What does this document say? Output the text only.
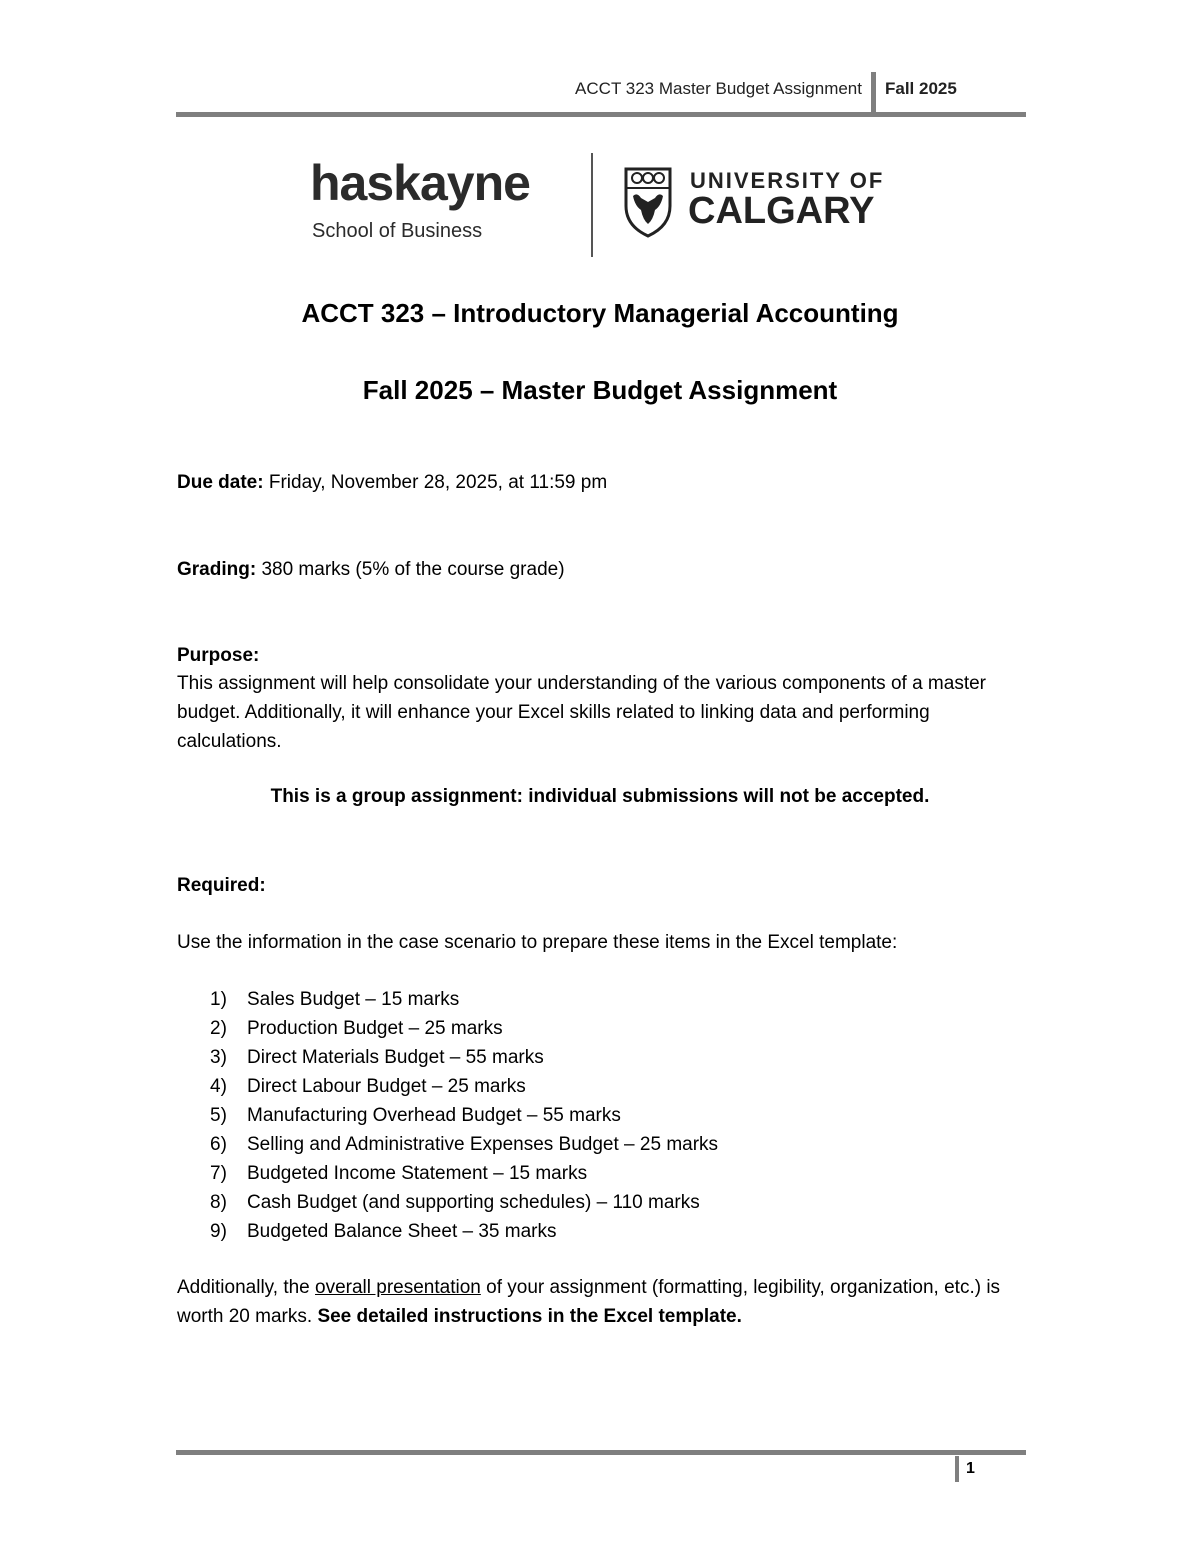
ACCT 323 Master Budget Assignment Fall 2025
haskayne
School of Business
UNIVERSITY OF
CALGARY
ACCT 323 – Introductory Managerial Accounting
Fall 2025 – Master Budget Assignment
Due date: Friday, November 28, 2025, at 11:59 pm
Grading: 380 marks (5% of the course grade)
Purpose:
This assignment will help consolidate your understanding of the various components of a master budget. Additionally, it will enhance your Excel skills related to linking data and performing calculations.
This is a group assignment: individual submissions will not be accepted.
Required:
Use the information in the case scenario to prepare these items in the Excel template:
1)	Sales Budget – 15 marks
2)	Production Budget – 25 marks
3)	Direct Materials Budget – 55 marks
4)	Direct Labour Budget – 25 marks
5)	Manufacturing Overhead Budget – 55 marks
6)	Selling and Administrative Expenses Budget – 25 marks
7)	Budgeted Income Statement – 15 marks
8)	Cash Budget (and supporting schedules) – 110 marks
9)	Budgeted Balance Sheet – 35 marks
Additionally, the overall presentation of your assignment (formatting, legibility, organization, etc.) is worth 20 marks. See detailed instructions in the Excel template.
1
